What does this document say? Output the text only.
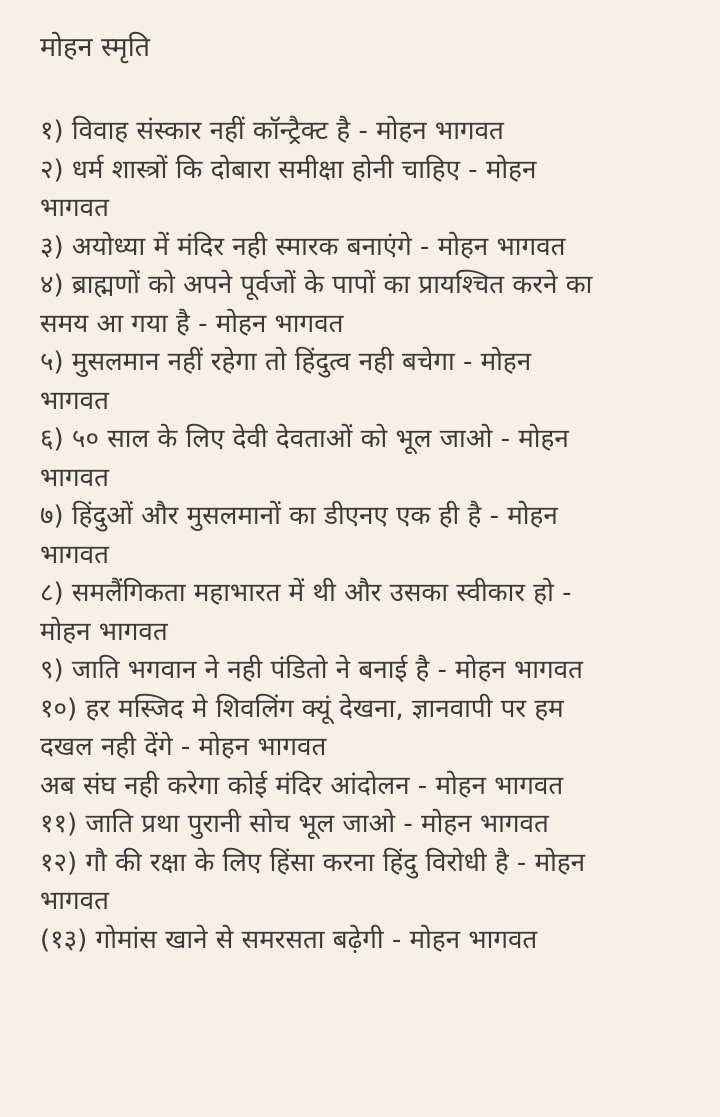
मोहन स्मृति
१) विवाह संस्कार नहीं कॉन्ट्रैक्ट है - मोहन भागवत
२) धर्म शास्त्रों कि दोबारा समीक्षा होनी चाहिए - मोहन
भागवत
३) अयोध्या में मंदिर नही स्मारक बनाएंगे - मोहन भागवत
४) ब्राह्मणों को अपने पूर्वजों के पापों का प्रायश्चित करने का
समय आ गया है - मोहन भागवत
५) मुसलमान नहीं रहेगा तो हिंदुत्व नही बचेगा - मोहन
भागवत
६) ५० साल के लिए देवी देवताओं को भूल जाओ - मोहन
भागवत
७) हिंदुओं और मुसलमानों का डीएनए एक ही है - मोहन
भागवत
८) समलैंगिकता महाभारत में थी और उसका स्वीकार हो -
मोहन भागवत
९) जाति भगवान ने नही पंडितो ने बनाई है - मोहन भागवत
१०) हर मस्जिद मे शिवलिंग क्यूं देखना, ज्ञानवापी पर हम
दखल नही देंगे - मोहन भागवत
अब संघ नही करेगा कोई मंदिर आंदोलन - मोहन भागवत
११) जाति प्रथा पुरानी सोच भूल जाओ - मोहन भागवत
१२) गौ की रक्षा के लिए हिंसा करना हिंदु विरोधी है - मोहन
भागवत
(१३) गोमांस खाने से समरसता बढ़ेगी - मोहन भागवत
